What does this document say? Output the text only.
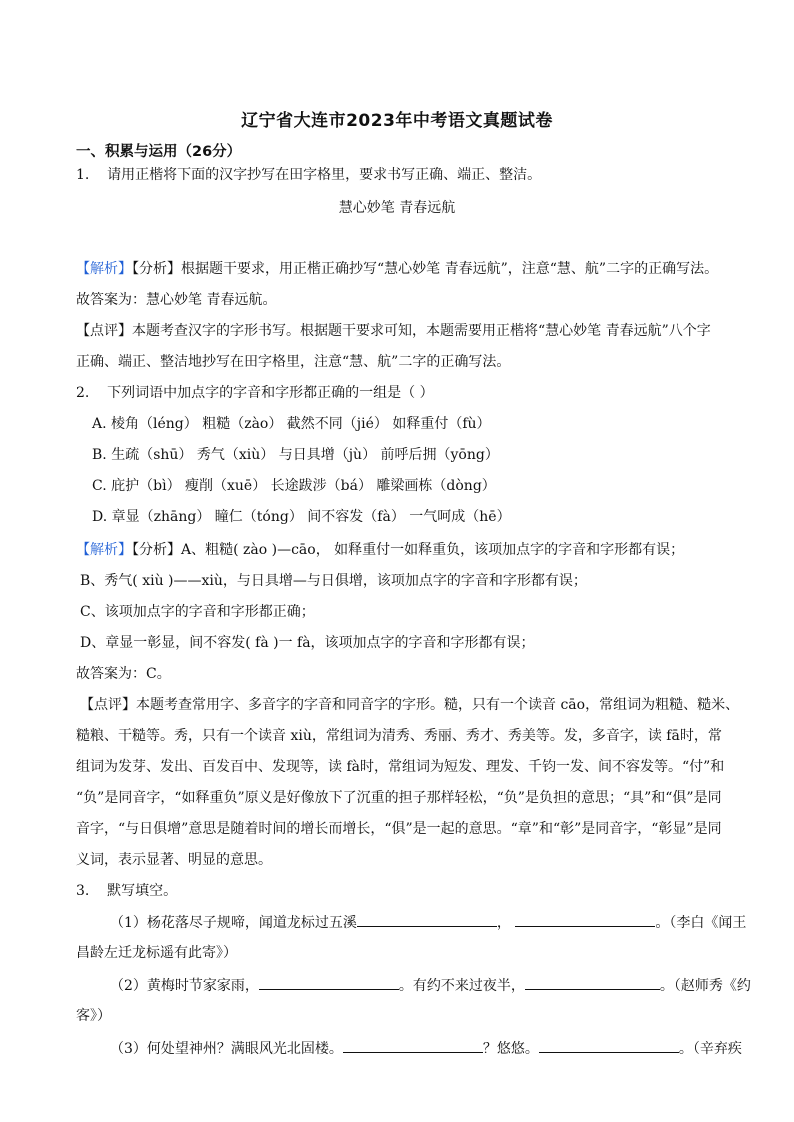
辽宁省大连市2023年中考语文真题试卷
一、积累与运用（26分）
1. 请用正楷将下面的汉字抄写在田字格里，要求书写正确、端正、整洁。
慧心妙笔 青春远航
【解析】【分析】根据题干要求，用正楷正确抄写“慧心妙笔 青春远航”，注意“慧、航”二字的正确写法。
故答案为：慧心妙笔 青春远航。
【点评】本题考查汉字的字形书写。根据题干要求可知，本题需要用正楷将“慧心妙笔 青春远航”八个字
正确、端正、整洁地抄写在田字格里，注意“慧、航”二字的正确写法。
2. 下列词语中加点字的字音和字形都正确的一组是（ ）
A. 棱角（léng） 粗糙（zào） 截然不同（jié） 如释重付（fù）
B. 生疏（shū） 秀气（xiù） 与日具增（jù） 前呼后拥（yōng）
C. 庇护（bì） 瘦削（xuē） 长途跋涉（bá） 雕梁画栋（dòng）
D. 章显（zhāng） 瞳仁（tóng） 间不容发（fà） 一气呵成（hē）
【解析】【分析】A、粗糙( zào )—cāo， 如释重付一如释重负，该项加点字的字音和字形都有误；
B、秀气( xiù )——xiù，与日具增—与日俱增，该项加点字的字音和字形都有误；
C、该项加点字的字音和字形都正确；
D、章显一彰显，间不容发( fà )一 fà，该项加点字的字音和字形都有误；
故答案为：C。
【点评】本题考查常用字、多音字的字音和同音字的字形。糙，只有一个读音 cāo，常组词为粗糙、糙米、
糙粮、干糙等。秀，只有一个读音 xiù，常组词为清秀、秀丽、秀才、秀美等。发，多音字，读 fā时，常
组词为发芽、发出、百发百中、发现等，读 fà时，常组词为短发、理发、千钧一发、间不容发等。“付”和
“负”是同音字，“如释重负”原义是好像放下了沉重的担子那样轻松，“负”是负担的意思；“具”和“俱”是同
音字，“与日俱增”意思是随着时间的增长而增长，“俱”是一起的意思。“章”和“彰”是同音字，“彰显”是同
义词，表示显著、明显的意思。
3. 默写填空。
（1）杨花落尽子规啼，闻道龙标过五溪	，	。（李白《闻王
昌龄左迁龙标遥有此寄》）
（2）黄梅时节家家雨，	。有约不来过夜半，	。（赵师秀《约
客》）
（3）何处望神州？满眼风光北固楼。	？悠悠。	。（辛弃疾
